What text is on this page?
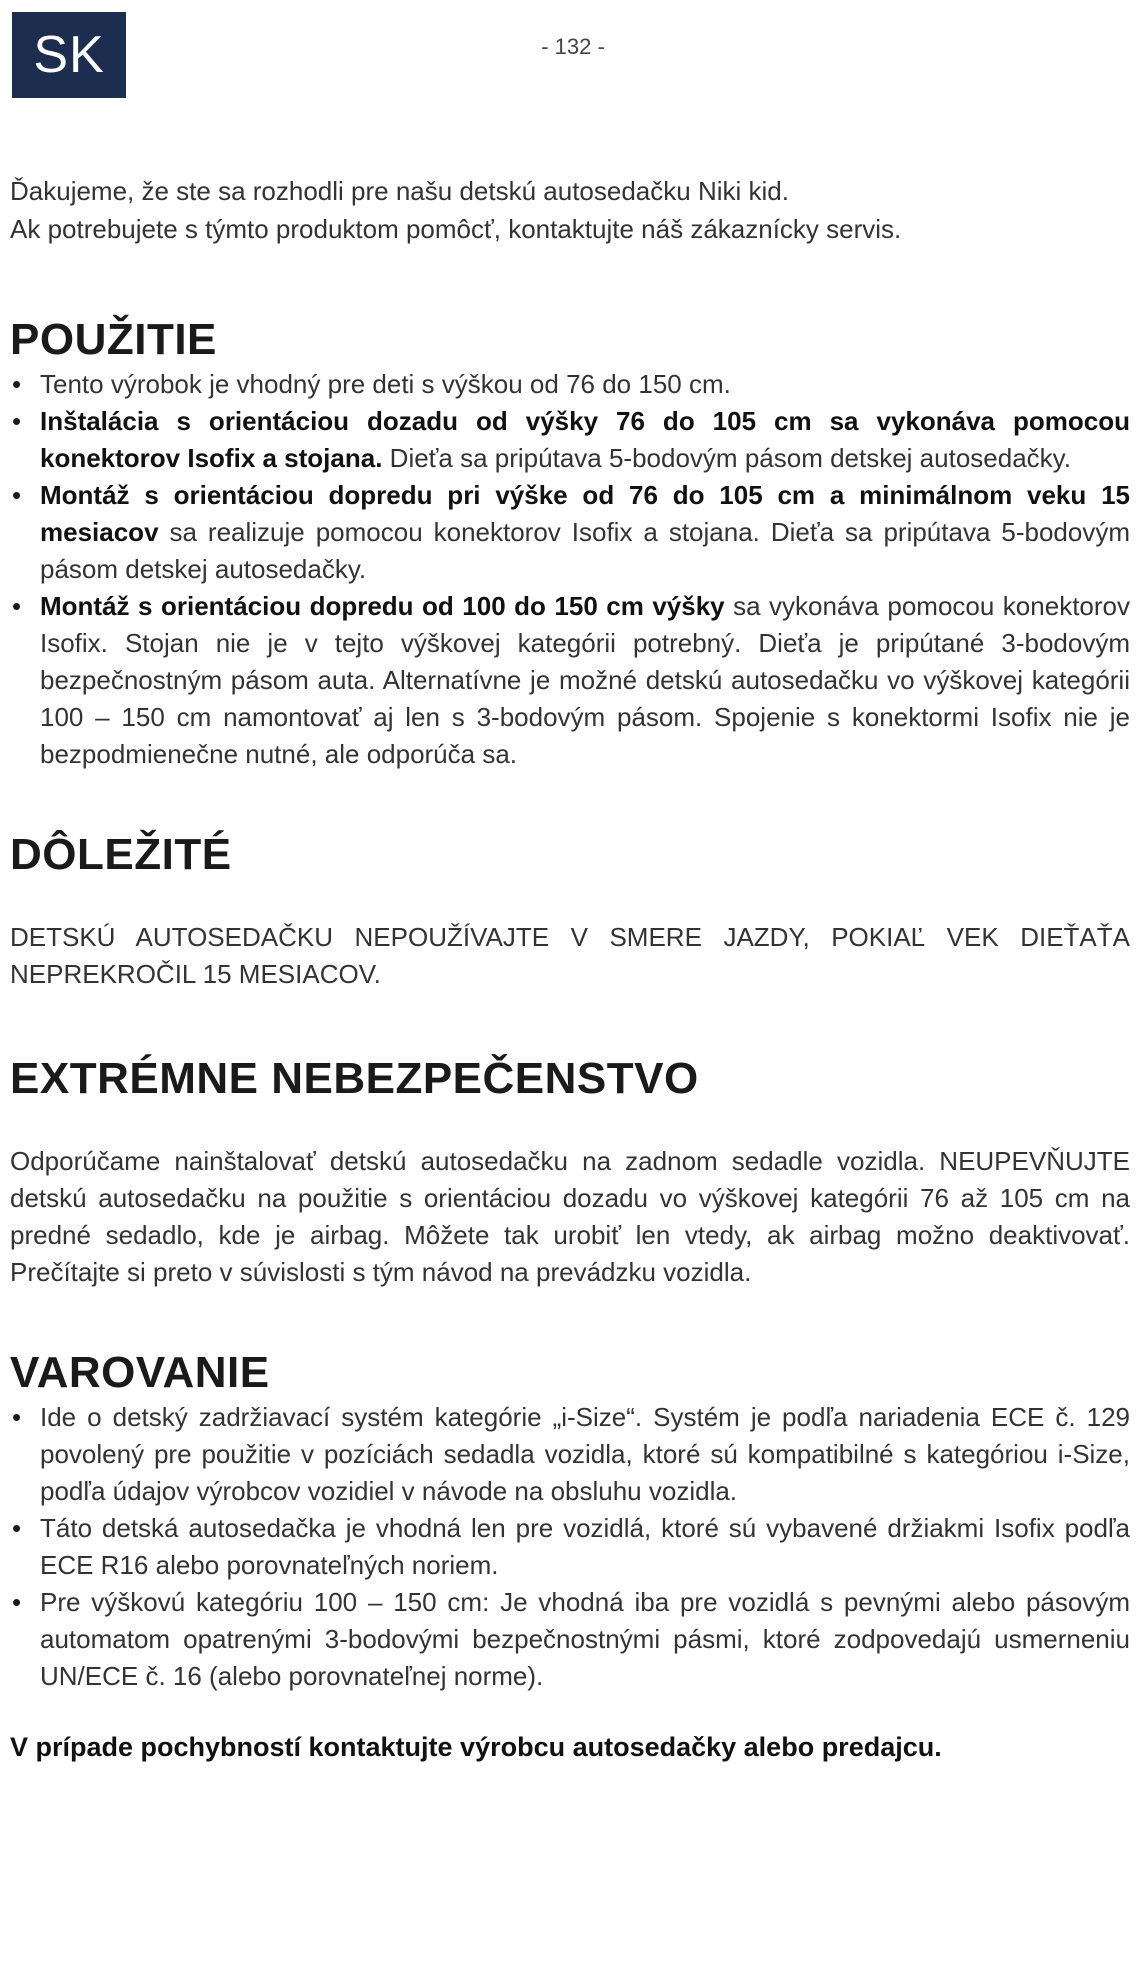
SK	- 132 -

Ďakujeme, že ste sa rozhodli pre našu detskú autosedačku Niki kid.

Ak potrebujete s týmto produktom pomôcť, kontaktujte náš zákaznícky servis.

POUŽITIE
• Tento výrobok je vhodný pre deti s výškou od 76 do 150 cm.
• Inštalácia s orientáciou dozadu od výšky 76 do 105 cm sa vykonáva pomocou konektorov Isofix a stojana. Dieťa sa pripútava 5-bodovým pásom detskej autosedačky.
• Montáž s orientáciou dopredu pri výške od 76 do 105 cm a minimálnom veku 15 mesiacov sa realizuje pomocou konektorov Isofix a stojana. Dieťa sa pripútava 5-bodovým pásom detskej autosedačky.
• Montáž s orientáciou dopredu od 100 do 150 cm výšky sa vykonáva pomocou konektorov Isofix. Stojan nie je v tejto výškovej kategórii potrebný. Dieťa je pripútané 3-bodovým bezpečnostným pásom auta. Alternatívne je možné detskú autosedačku vo výškovej kategórii 100 – 150 cm namontovať aj len s 3-bodovým pásom. Spojenie s konektormi Isofix nie je bezpodmienečne nutné, ale odporúča sa.
DÔLEŽITÉ

DETSKÚ AUTOSEDAČKU NEPOUŽÍVAJTE V SMERE JAZDY, POKIAĽ VEK DIEŤAŤA NEPREKROČIL 15 MESIACOV.

EXTRÉMNE NEBEZPEČENSTVO

Odporúčame nainštalovať detskú autosedačku na zadnom sedadle vozidla. NEUPEVŇUJTE detskú autosedačku na použitie s orientáciou dozadu vo výškovej kategórii 76 až 105 cm na predné sedadlo, kde je airbag. Môžete tak urobiť len vtedy, ak airbag možno deaktivovať. Prečítajte si preto v súvislosti s tým návod na prevádzku vozidla.

VAROVANIE
• Ide o detský zadržiavací systém kategórie „i-Size“. Systém je podľa nariadenia ECE č. 129 povolený pre použitie v pozíciách sedadla vozidla, ktoré sú kompatibilné s kategóriou i-Size, podľa údajov výrobcov vozidiel v návode na obsluhu vozidla.
• Táto detská autosedačka je vhodná len pre vozidlá, ktoré sú vybavené držiakmi Isofix podľa ECE R16 alebo porovnateľných noriem.
• Pre výškovú kategóriu 100 – 150 cm: Je vhodná iba pre vozidlá s pevnými alebo pásovým automatom opatrenými 3-bodovými bezpečnostnými pásmi, ktoré zodpovedajú usmerneniu UN/ECE č. 16 (alebo porovnateľnej norme).

V prípade pochybností kontaktujte výrobcu autosedačky alebo predajcu.
